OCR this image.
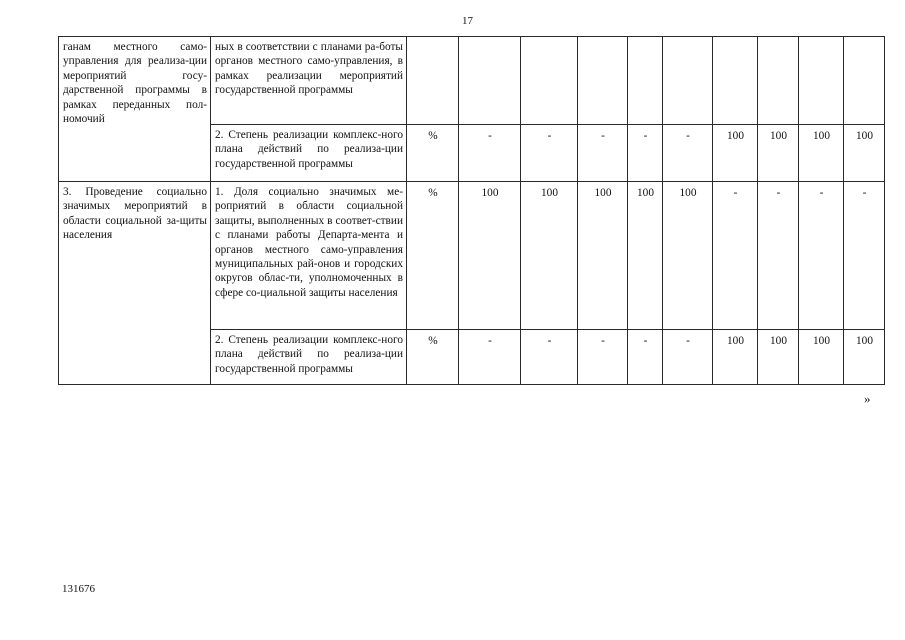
17
ганам местного само-управления для реализа-ции мероприятий госу-дарственной программы в рамках переданных пол-номочий	ных в соответствии с планами ра-боты органов местного само-управления, в рамках реализации мероприятий государственной программы										
	2. Степень реализации комплекс-ного плана действий по реализа-ции государственной программы	%	-	-	-	-	-	100	100	100	100
3. Проведение социально значимых мероприятий в области социальной за-щиты населения	1. Доля социально значимых ме-роприятий в области социальной защиты, выполненных в соответ-ствии с планами работы Департа-мента и органов местного само-управления муниципальных рай-онов и городских округов облас-ти, уполномоченных в сфере со-циальной защиты населения	%	100	100	100	100	100	-	-	-	-
	2. Степень реализации комплекс-ного плана действий по реализа-ции государственной программы	%	-	-	-	-	-	100	100	100	100
»
131676
